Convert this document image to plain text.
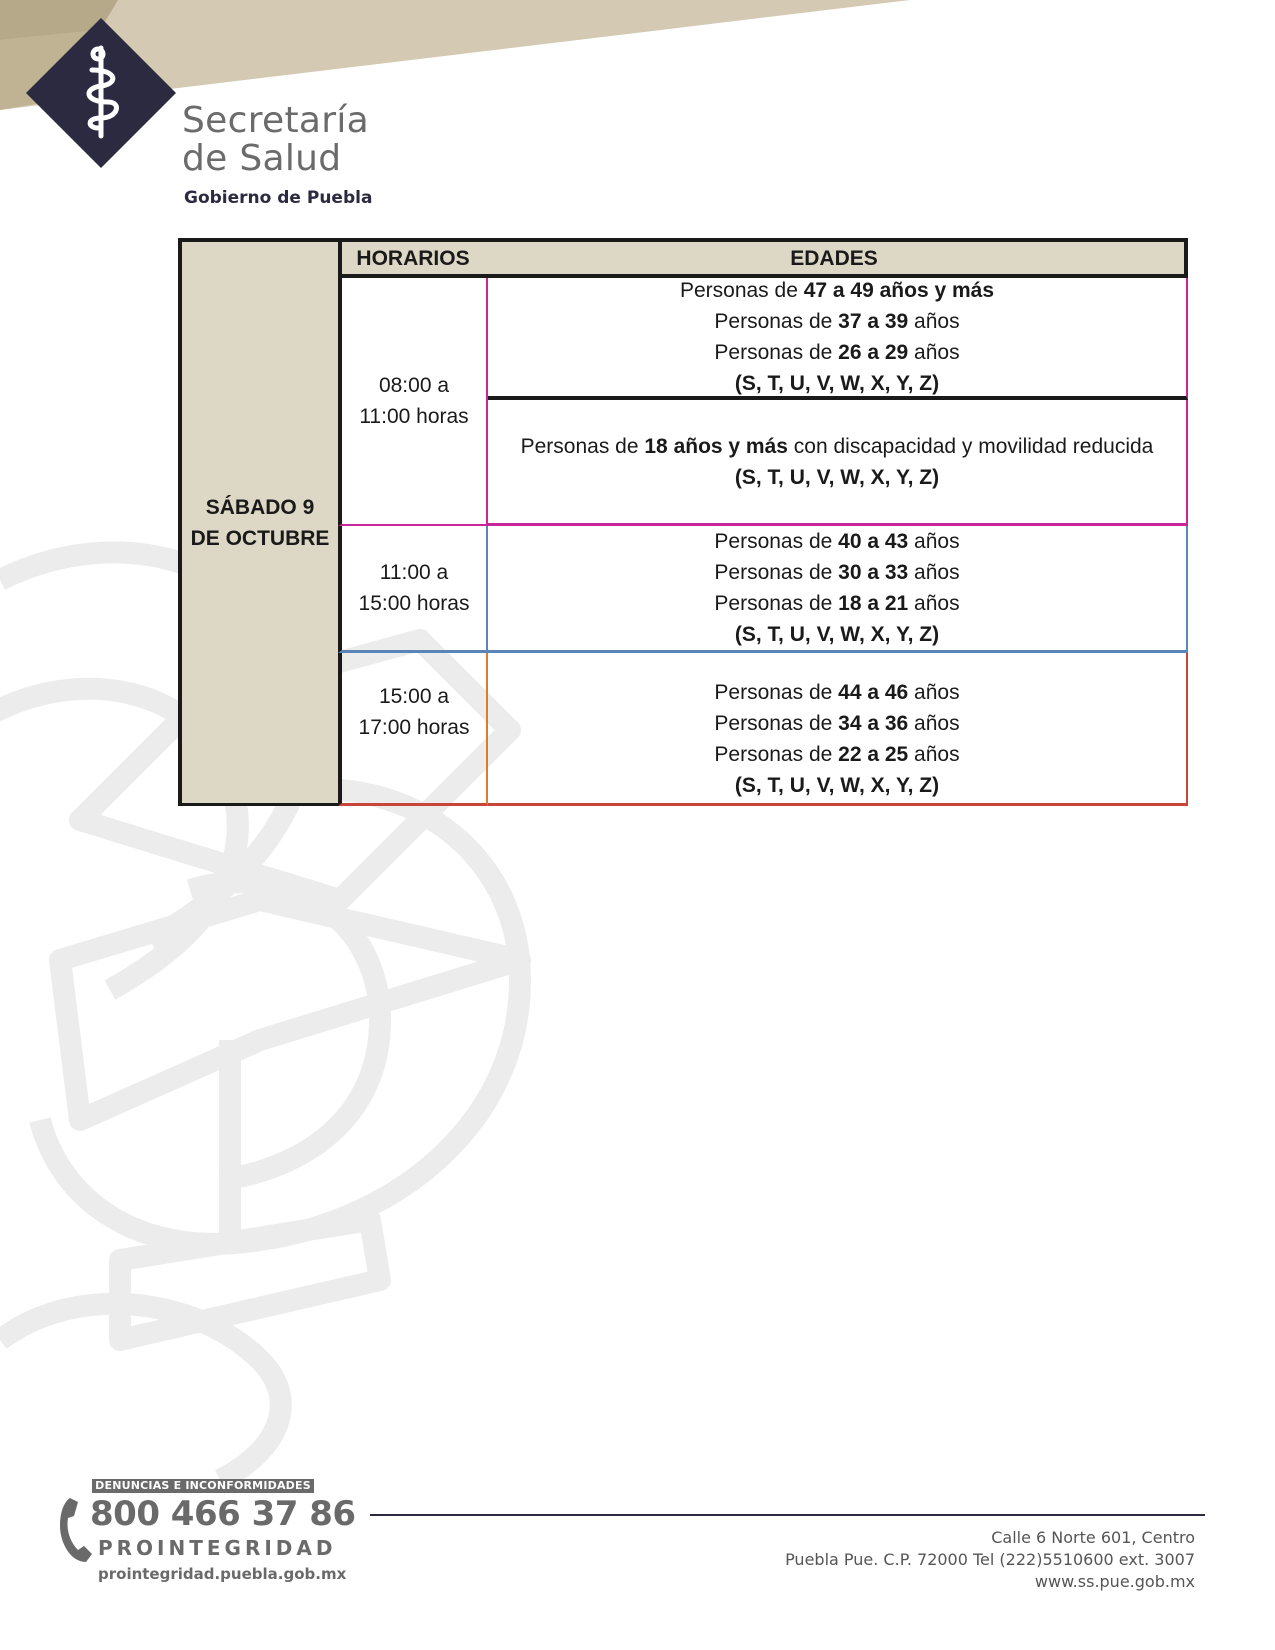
Secretaría
de Salud
Gobierno de Puebla
SÁBADO 9
DE OCTUBRE
HORARIOS	EDADES
08:00 a
11:00 horas
Personas de 47 a 49 años y más
Personas de 37 a 39 años
Personas de 26 a 29 años
(S, T, U, V, W, X, Y, Z)
Personas de 18 años y más con discapacidad y movilidad reducida
(S, T, U, V, W, X, Y, Z)
11:00 a
15:00 horas
Personas de 40 a 43 años
Personas de 30 a 33 años
Personas de 18 a 21 años
(S, T, U, V, W, X, Y, Z)
15:00 a
17:00 horas
Personas de 44 a 46 años
Personas de 34 a 36 años
Personas de 22 a 25 años
(S, T, U, V, W, X, Y, Z)
DENUNCIAS E INCONFORMIDADES
800 466 37 86
PROINTEGRIDAD
prointegridad.puebla.gob.mx
Calle 6 Norte 601, Centro
Puebla Pue. C.P. 72000 Tel (222)5510600 ext. 3007
www.ss.pue.gob.mx
